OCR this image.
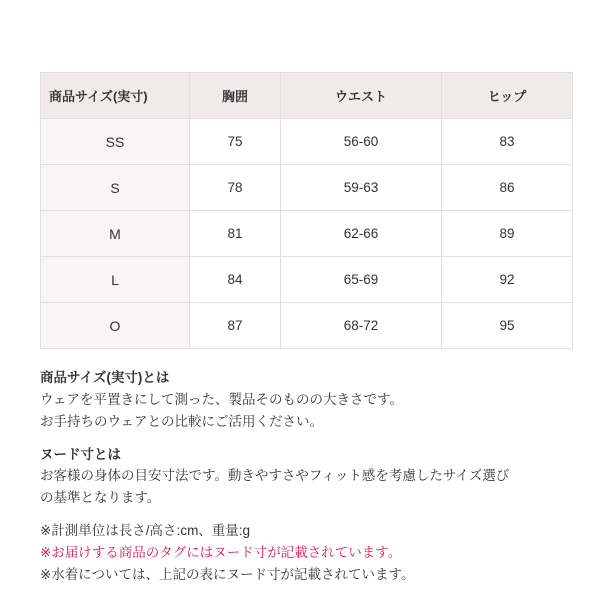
商品サイズ(実寸)	胸囲	ウエスト	ヒップ
SS	75	56-60	83
S	78	59-63	86
M	81	62-66	89
L	84	65-69	92
O	87	68-72	95

商品サイズ(実寸)とは

ウェアを平置きにして測った、製品そのものの大きさです。

お手持ちのウェアとの比較にご活用ください。

ヌード寸とは

お客様の身体の目安寸法です。動きやすさやフィット感を考慮したサイズ選び

の基準となります。

※計測単位は長さ/高さ:cm、重量:g

※お届けする商品のタグにはヌード寸が記載されています。

※水着については、上記の表にヌード寸が記載されています。
